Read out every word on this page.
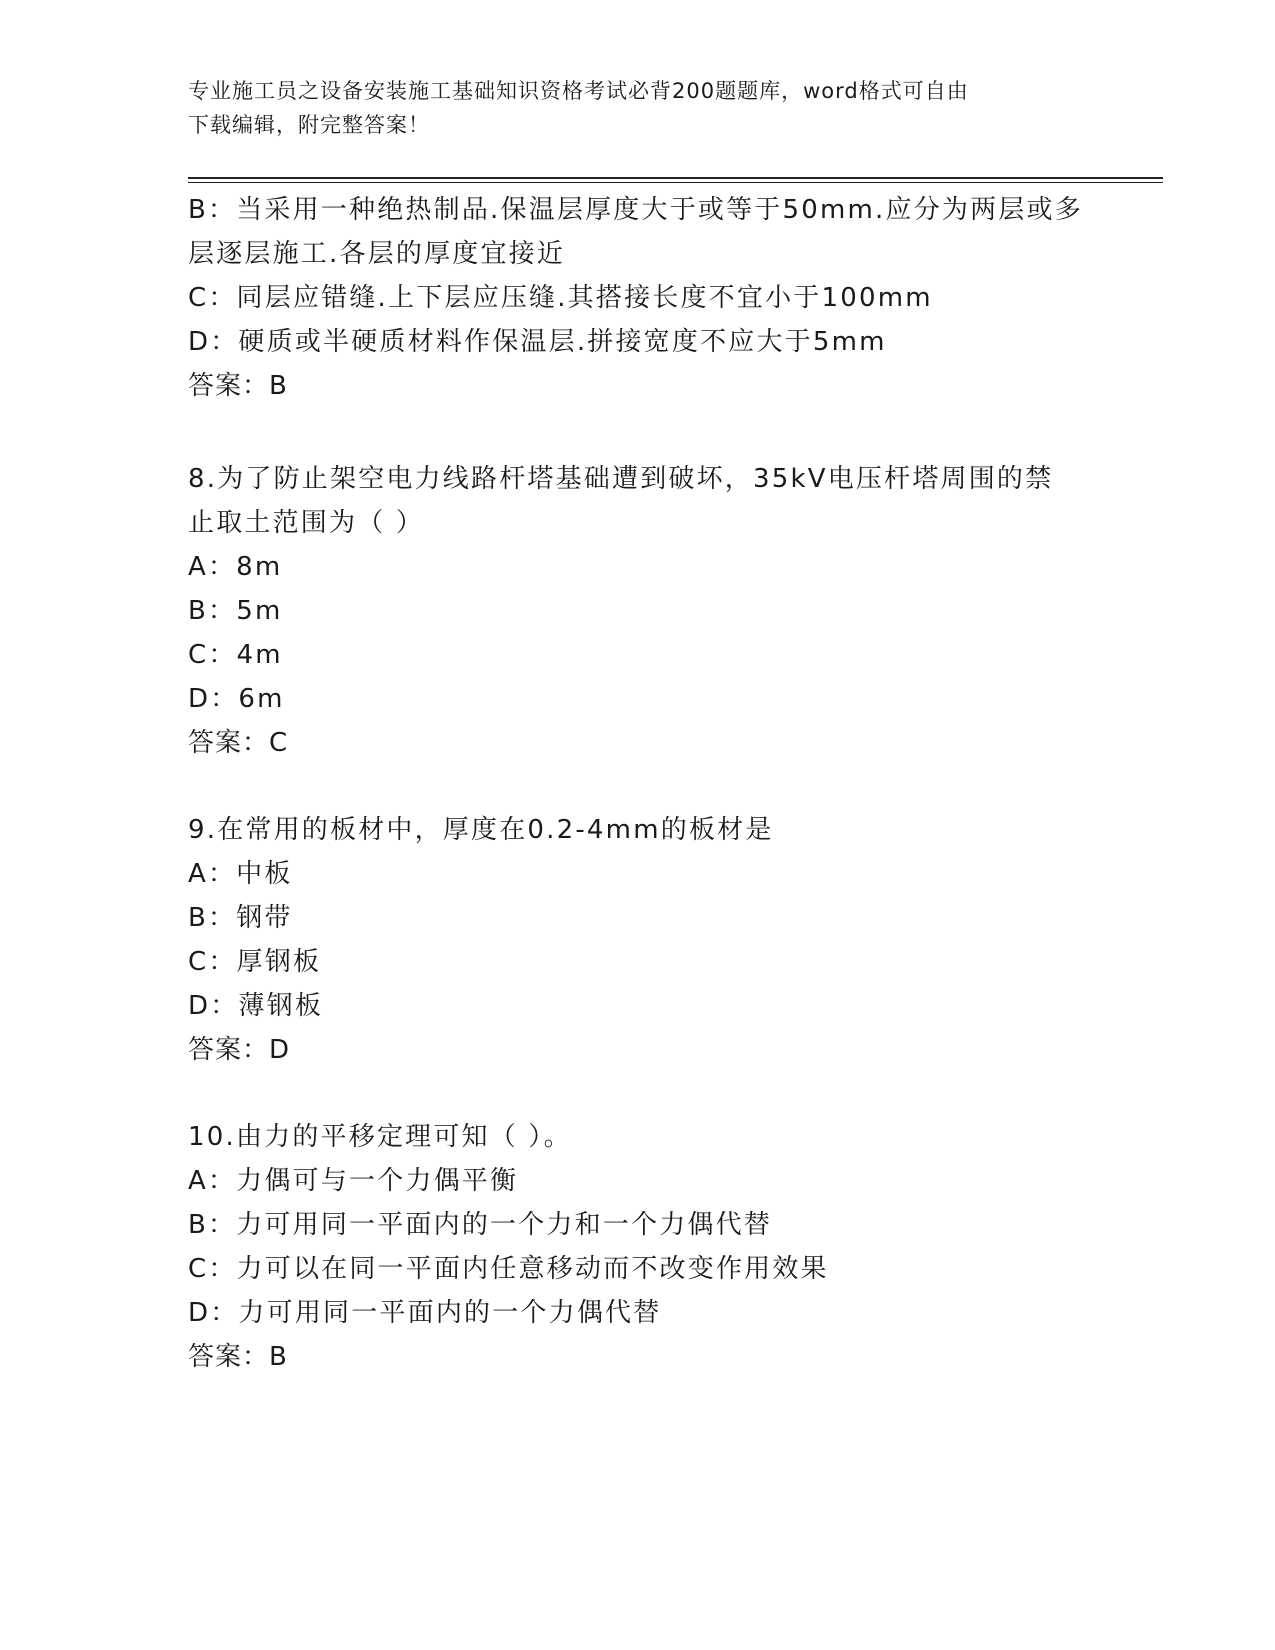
专业施工员之设备安装施工基础知识资格考试必背200题题库，word格式可自由
下载编辑，附完整答案！
B：当采用一种绝热制品.保温层厚度大于或等于50mm.应分为两层或多
层逐层施工.各层的厚度宜接近
C：同层应错缝.上下层应压缝.其搭接长度不宜小于100mm
D：硬质或半硬质材料作保温层.拼接宽度不应大于5mm
答案：B
8.为了防止架空电力线路杆塔基础遭到破坏，35kV电压杆塔周围的禁
止取土范围为（ ）
A：8m
B：5m
C：4m
D：6m
答案：C
9.在常用的板材中，厚度在0.2-4mm的板材是
A：中板
B：钢带
C：厚钢板
D：薄钢板
答案：D
10.由力的平移定理可知（ ）。
A：力偶可与一个力偶平衡
B：力可用同一平面内的一个力和一个力偶代替
C：力可以在同一平面内任意移动而不改变作用效果
D：力可用同一平面内的一个力偶代替
答案：B
